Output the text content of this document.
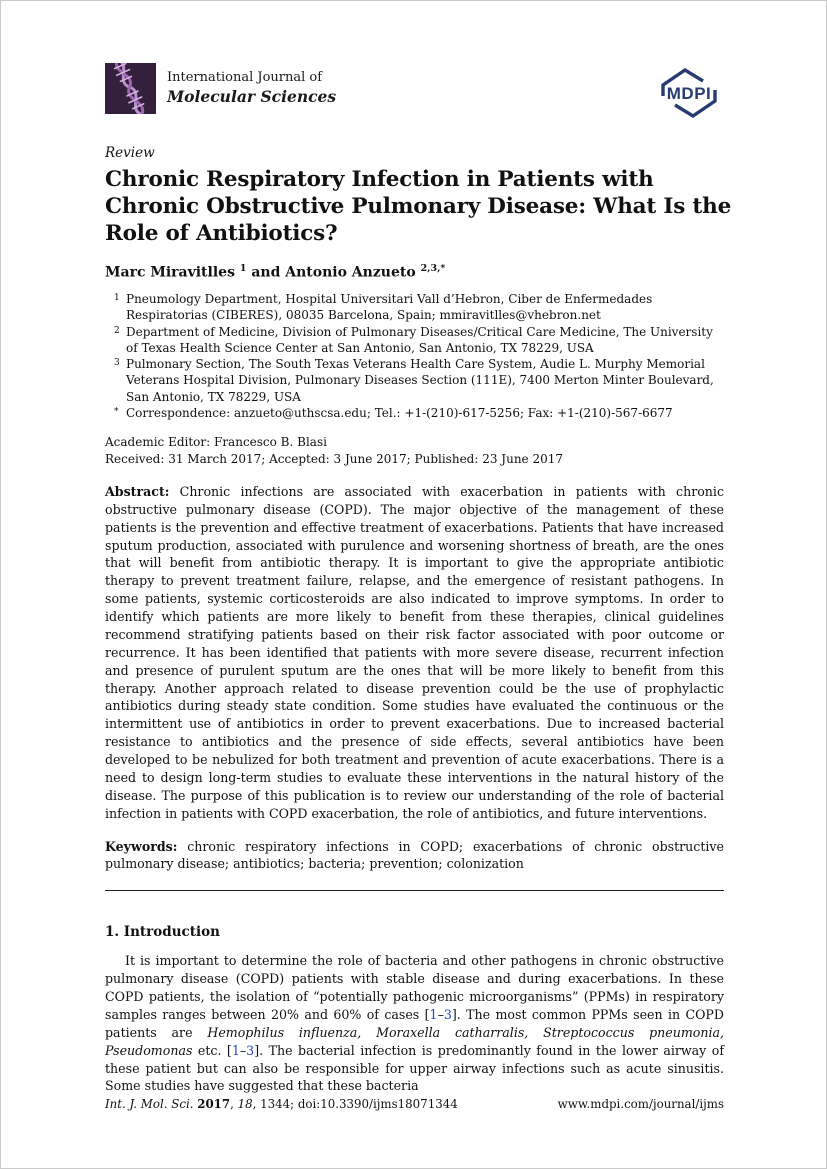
International Journal of
Molecular Sciences	MDPI
Review
Chronic Respiratory Infection in Patients with
Chronic Obstructive Pulmonary Disease: What Is the
Role of Antibiotics?
Marc Miravitlles $^1$ and Antonio Anzueto $^{2,3,*}$
1 Pneumology Department, Hospital Universitari Vall d’Hebron, Ciber de Enfermedades Respiratorias (CIBERES), 08035 Barcelona, Spain; mmiravitlles@vhebron.net
2 Department of Medicine, Division of Pulmonary Diseases/Critical Care Medicine, The University of Texas Health Science Center at San Antonio, San Antonio, TX 78229, USA
3 Pulmonary Section, The South Texas Veterans Health Care System, Audie L. Murphy Memorial Veterans Hospital Division, Pulmonary Diseases Section (111E), 7400 Merton Minter Boulevard, San Antonio, TX 78229, USA
* Correspondence: anzueto@uthscsa.edu; Tel.: +1-(210)-617-5256; Fax: +1-(210)-567-6677
Academic Editor: Francesco B. Blasi
Received: 31 March 2017; Accepted: 3 June 2017; Published: 23 June 2017

Abstract: Chronic infections are associated with exacerbation in patients with chronic obstructive pulmonary disease (COPD). The major objective of the management of these patients is the prevention and effective treatment of exacerbations. Patients that have increased sputum production, associated with purulence and worsening shortness of breath, are the ones that will benefit from antibiotic therapy. It is important to give the appropriate antibiotic therapy to prevent treatment failure, relapse, and the emergence of resistant pathogens. In some patients, systemic corticosteroids are also indicated to improve symptoms. In order to identify which patients are more likely to benefit from these therapies, clinical guidelines recommend stratifying patients based on their risk factor associated with poor outcome or recurrence. It has been identified that patients with more severe disease, recurrent infection and presence of purulent sputum are the ones that will be more likely to benefit from this therapy. Another approach related to disease prevention could be the use of prophylactic antibiotics during steady state condition. Some studies have evaluated the continuous or the intermittent use of antibiotics in order to prevent exacerbations. Due to increased bacterial resistance to antibiotics and the presence of side effects, several antibiotics have been developed to be nebulized for both treatment and prevention of acute exacerbations. There is a need to design long-term studies to evaluate these interventions in the natural history of the disease. The purpose of this publication is to review our understanding of the role of bacterial infection in patients with COPD exacerbation, the role of antibiotics, and future interventions.

Keywords: chronic respiratory infections in COPD; exacerbations of chronic obstructive pulmonary disease; antibiotics; bacteria; prevention; colonization

1. Introduction

It is important to determine the role of bacteria and other pathogens in chronic obstructive pulmonary disease (COPD) patients with stable disease and during exacerbations. In these COPD patients, the isolation of “potentially pathogenic microorganisms” (PPMs) in respiratory samples ranges between 20% and 60% of cases [1–3]. The most common PPMs seen in COPD patients are Hemophilus influenza, Moraxella catharralis, Streptococcus pneumonia, Pseudomonas etc. [1–3]. The bacterial infection is predominantly found in the lower airway of these patient but can also be responsible for upper airway infections such as acute sinusitis. Some studies have suggested that these bacteria

Int. J. Mol. Sci. 2017, 18, 1344; doi:10.3390/ijms18071344	www.mdpi.com/journal/ijms
